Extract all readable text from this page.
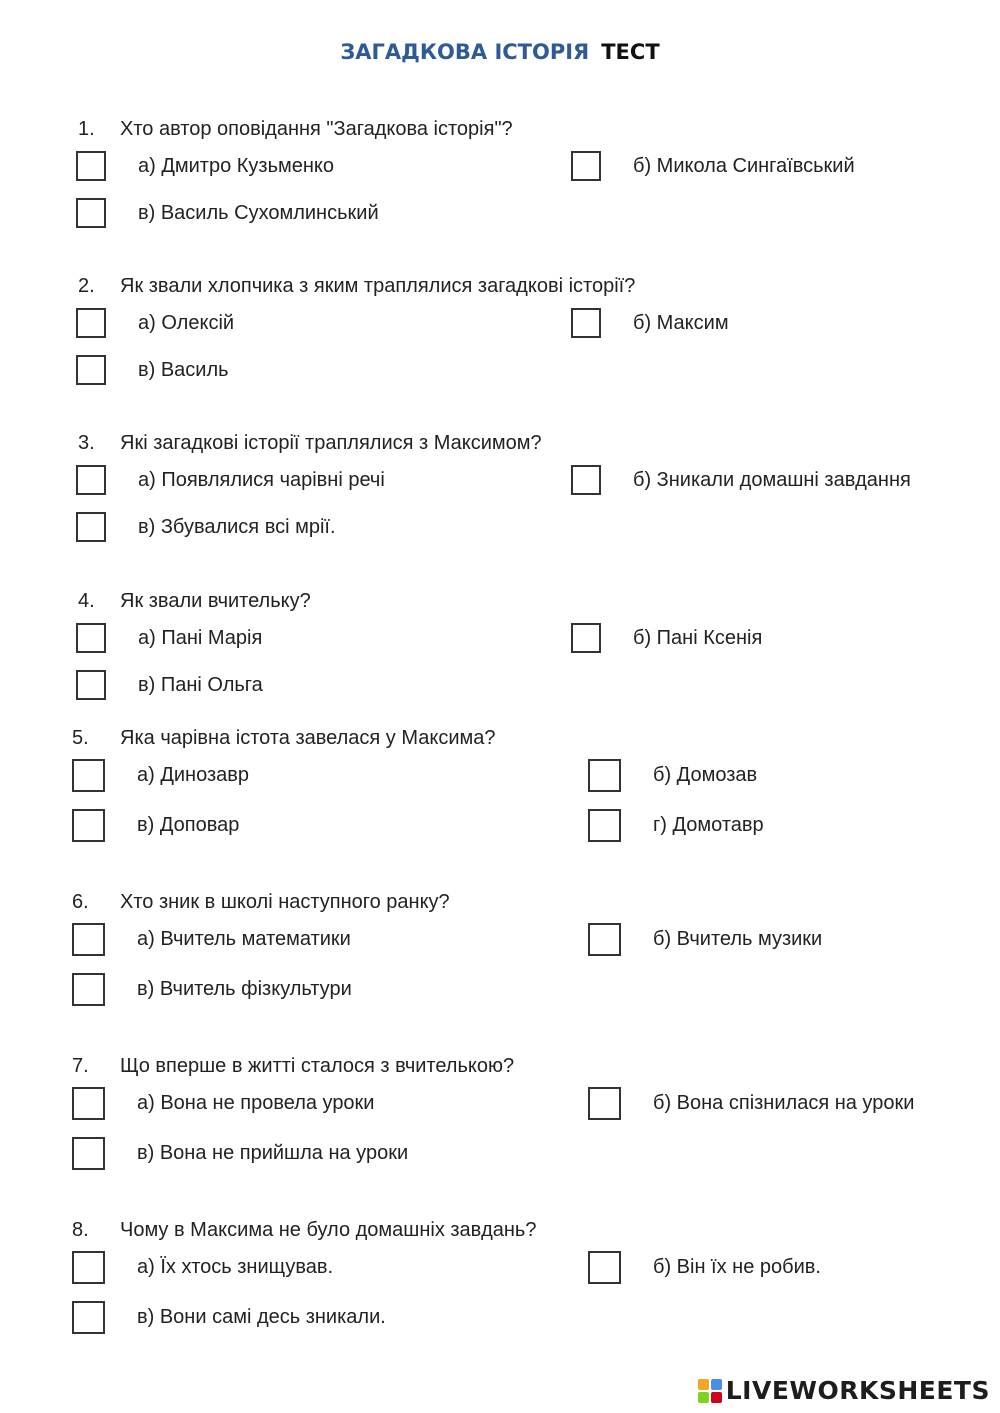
ЗАГАДКОВА ІСТОРІЯ ТЕСТ
1. Хто автор оповідання "Загадкова історія"?
а) Дмитро Кузьменко	б) Микола Сингаївський
в) Василь Сухомлинський
2. Як звали хлопчика з яким траплялися загадкові історії?
а) Олексій	б) Максим
в) Василь
3. Які загадкові історії траплялися з Максимом?
а) Появлялися чарівні речі	б) Зникали домашні завдання
в) Збувалися всі мрії.
4. Як звали вчительку?
а) Пані Марія	б) Пані Ксенія
в) Пані Ольга
5. Яка чарівна істота завелася у Максима?
а) Динозавр	б) Домозав
в) Доповар	г) Домотавр
6. Хто зник в школі наступного ранку?
а) Вчитель математики	б) Вчитель музики
в) Вчитель фізкультури
7. Що вперше в житті сталося з вчителькою?
а) Вона не провела уроки	б) Вона спізнилася на уроки
в) Вона не прийшла на уроки
8. Чому в Максима не було домашніх завдань?
а) Їх хтось знищував.	б) Він їх не робив.
в) Вони самі десь зникали.
LIVEWORKSHEETS
